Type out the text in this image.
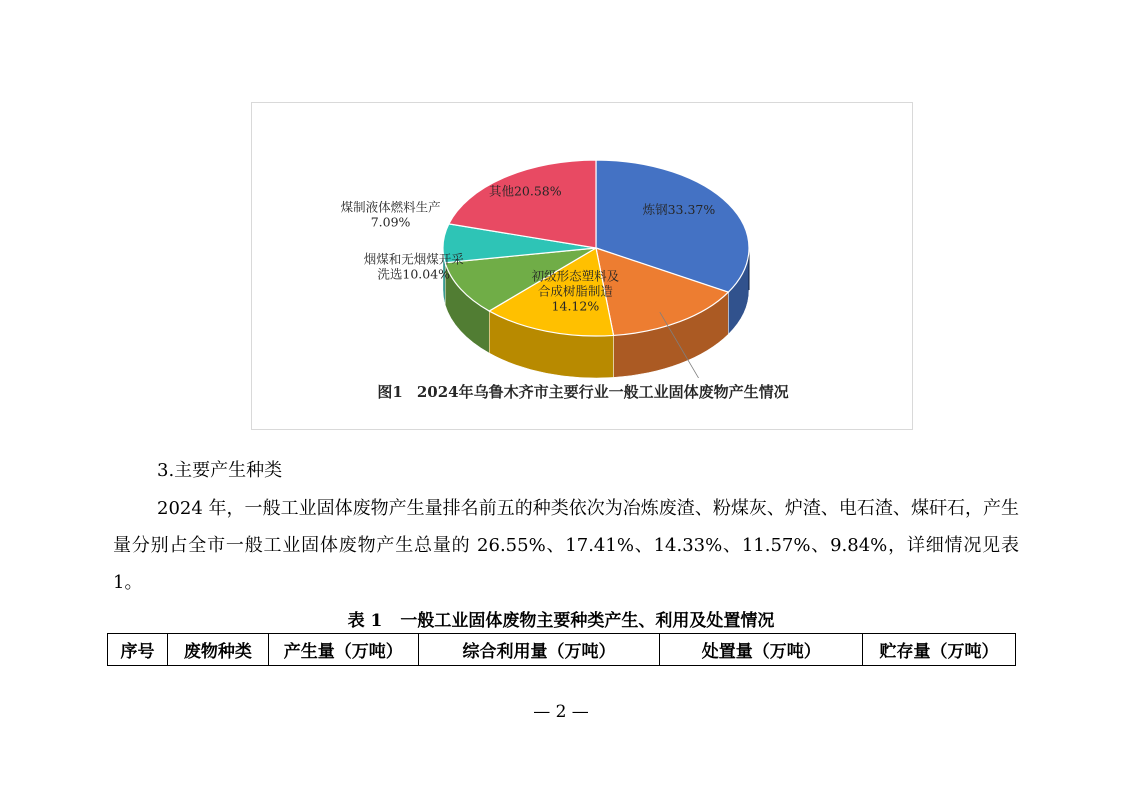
炼钢33.37%
初级形态塑料及合成树脂制造 14.12%
烟煤和无烟煤开采洗选10.04%
煤制液体燃料生产 7.09%
其他20.58%
图1 2024年乌鲁木齐市主要行业一般工业固体废物产生情况
3.主要产生种类
2024 年，一般工业固体废物产生量排名前五的种类依次为冶炼废渣、粉煤灰、炉渣、电石渣、煤矸石，产生量分别占全市一般工业固体废物产生总量的 26.55%、17.41%、14.33%、11.57%、9.84%，详细情况见表 1。
表 1 一般工业固体废物主要种类产生、利用及处置情况
序号	废物种类	产生量（万吨）	综合利用量（万吨）	处置量（万吨）	贮存量（万吨）
— 2 —
